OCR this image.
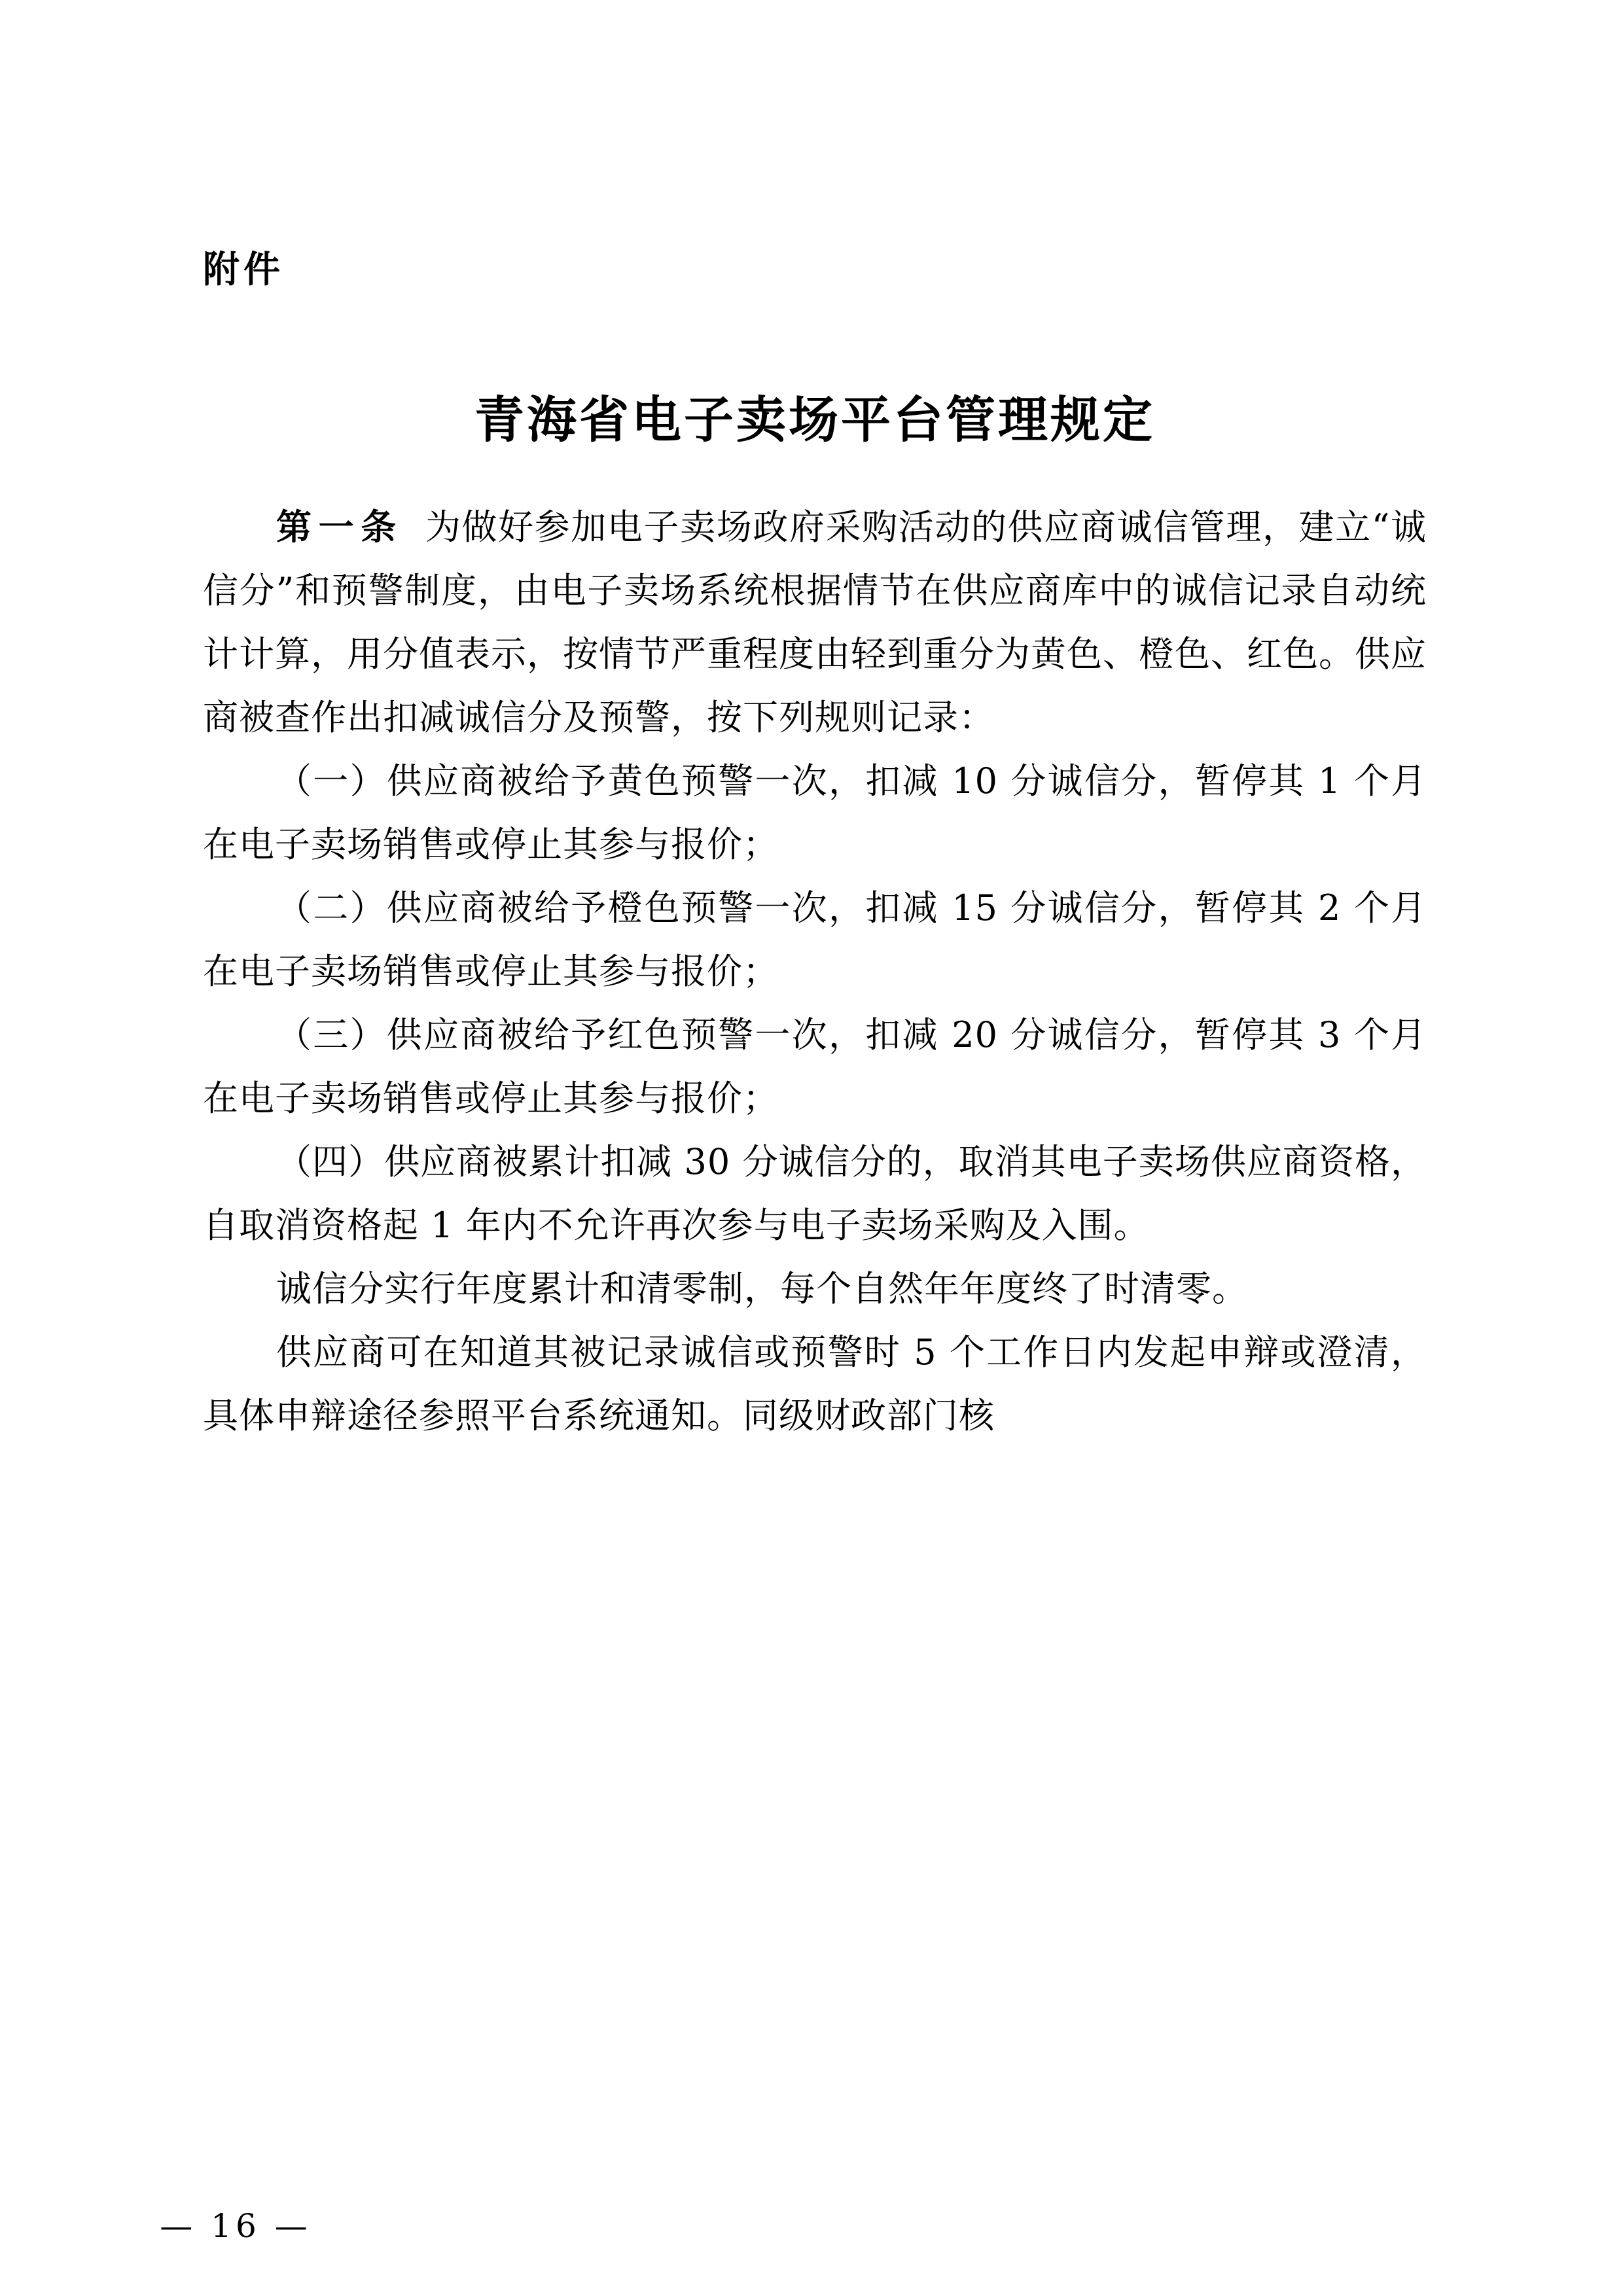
附件
青海省电子卖场平台管理规定

第一条 为做好参加电子卖场政府采购活动的供应商诚信管理，建立“诚信分”和预警制度，由电子卖场系统根据情节在供应商库中的诚信记录自动统计计算，用分值表示，按情节严重程度由轻到重分为黄色、橙色、红色。供应商被查作出扣减诚信分及预警，按下列规则记录：

（一）供应商被给予黄色预警一次，扣减 10 分诚信分，暂停其 1 个月在电子卖场销售或停止其参与报价；

（二）供应商被给予橙色预警一次，扣减 15 分诚信分，暂停其 2 个月在电子卖场销售或停止其参与报价；

（三）供应商被给予红色预警一次，扣减 20 分诚信分，暂停其 3 个月在电子卖场销售或停止其参与报价；

（四）供应商被累计扣减 30 分诚信分的，取消其电子卖场供应商资格，自取消资格起 1 年内不允许再次参与电子卖场采购及入围。

诚信分实行年度累计和清零制，每个自然年年度终了时清零。

供应商可在知道其被记录诚信或预警时 5 个工作日内发起申辩或澄清，具体申辩途径参照平台系统通知。同级财政部门核

— 16 —
